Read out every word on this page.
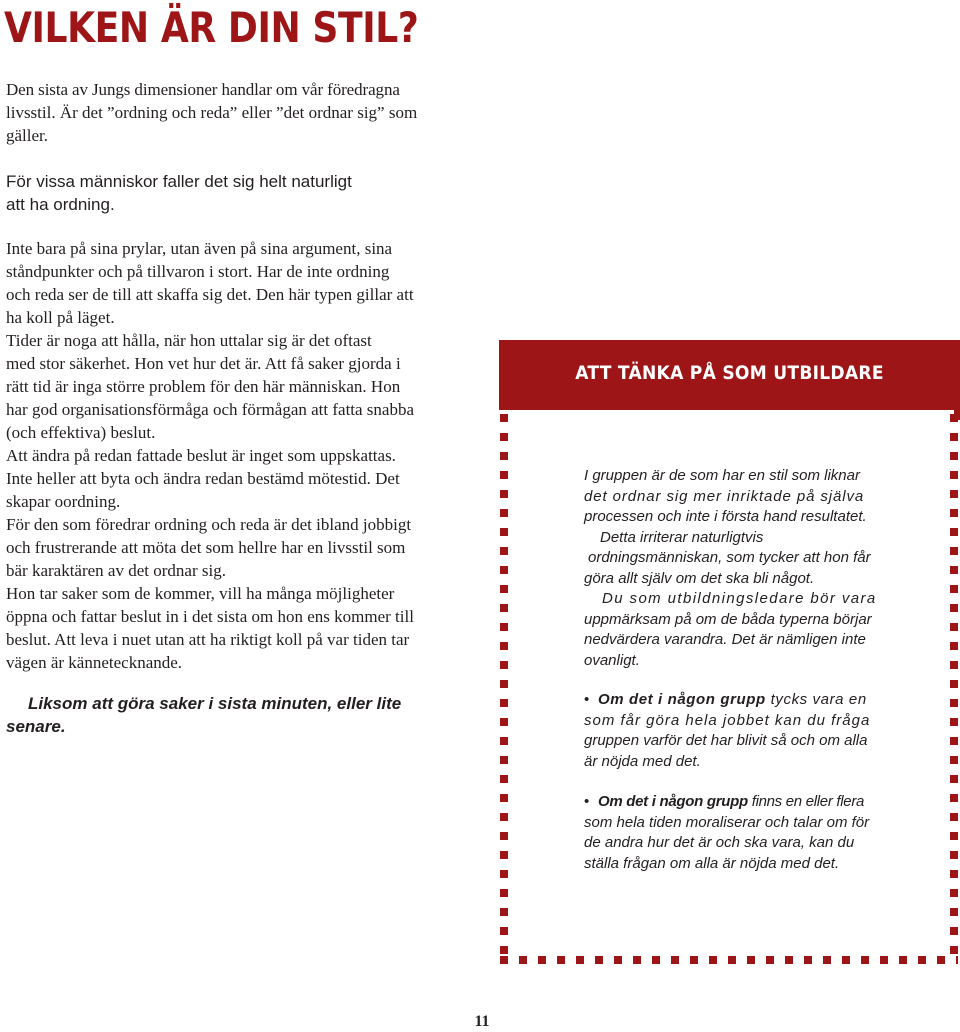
VILKEN ÄR DIN STIL?

Den sista av Jungs dimensioner handlar om vår föredragna

livsstil. Är det ”ordning och reda” eller ”det ordnar sig” som

gäller.

För vissa människor faller det sig helt naturligt

att ha ordning.

Inte bara på sina prylar, utan även på sina argument, sina

ståndpunkter och på tillvaron i stort. Har de inte ordning

och reda ser de till att skaffa sig det. Den här typen gillar att

ha koll på läget.

Tider är noga att hålla, när hon uttalar sig är det oftast

med stor säkerhet. Hon vet hur det är. Att få saker gjorda i

rätt tid är inga större problem för den här människan. Hon

har god organisationsförmåga och förmågan att fatta snabba

(och effektiva) beslut.

Att ändra på redan fattade beslut är inget som uppskattas.

Inte heller att byta och ändra redan bestämd mötestid. Det

skapar oordning.

För den som föredrar ordning och reda är det ibland jobbigt

och frustrerande att möta det som hellre har en livsstil som

bär karaktären av det ordnar sig.

Hon tar saker som de kommer, vill ha många möjligheter

öppna och fattar beslut in i det sista om hon ens kommer till

beslut. Att leva i nuet utan att ha riktigt koll på var tiden tar

vägen är kännetecknande.

Liksom att göra saker i sista minuten, eller lite

senare.

ATT TÄNKA PÅ SOM UTBILDARE

I gruppen är de som har en stil som liknar

det ordnar sig mer inriktade på själva

processen och inte i första hand resultatet.

Detta irriterar naturligtvis

ordningsmänniskan, som tycker att hon får

göra allt själv om det ska bli något.

Du som utbildningsledare bör vara

uppmärksam på om de båda typerna börjar

nedvärdera varandra. Det är nämligen inte

ovanligt.

• Om det i någon grupp tycks vara en

som får göra hela jobbet kan du fråga

gruppen varför det har blivit så och om alla

är nöjda med det.

• Om det i någon grupp finns en eller flera

som hela tiden moraliserar och talar om för

de andra hur det är och ska vara, kan du

ställa frågan om alla är nöjda med det.

11
